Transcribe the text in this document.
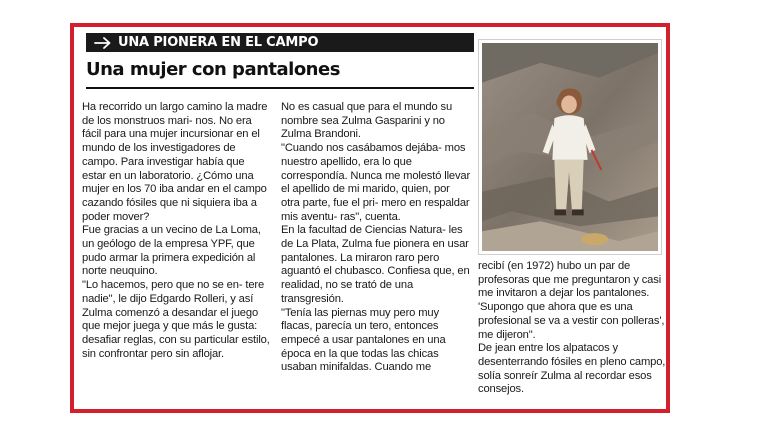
UNA PIONERA EN EL CAMPO
Una mujer con pantalones

Ha recorrido un largo camino la madre de los monstruos mari- nos. No era fácil para una mujer incursionar en el mundo de los investigadores de campo. Para investigar había que estar en un laboratorio. ¿Cómo una mujer en los 70 iba andar en el campo cazando fósiles que ni siquiera iba a poder mover?

Fue gracias a un vecino de La Loma, un geólogo de la empresa YPF, que pudo armar la primera expedición al norte neuquino.

"Lo hacemos, pero que no se en- tere nadie", le dijo Edgardo Rolleri, y así Zulma comenzó a desandar el juego que mejor juega y que más le gusta: desafiar reglas, con su particular estilo, sin confrontar pero sin aflojar.

No es casual que para el mundo su nombre sea Zulma Gasparini y no Zulma Brandoni.

"Cuando nos casábamos dejába- mos nuestro apellido, era lo que correspondía. Nunca me molestó llevar el apellido de mi marido, quien, por otra parte, fue el pri- mero en respaldar mis aventu- ras", cuenta.

En la facultad de Ciencias Natura- les de La Plata, Zulma fue pionera en usar pantalones. La miraron raro pero aguantó el chubasco. Confiesa que, en realidad, no se trató de una transgresión.

"Tenía las piernas muy pero muy flacas, parecía un tero, entonces empecé a usar pantalones en una época en la que todas las chicas usaban minifaldas. Cuando me

recibí (en 1972) hubo un par de profesoras que me preguntaron y casi me invitaron a dejar los pantalones. 'Supongo que ahora que es una profesional se va a vestir con polleras', me dijeron".

De jean entre los alpatacos y desenterrando fósiles en pleno campo, solía sonreír Zulma al recordar esos consejos.
